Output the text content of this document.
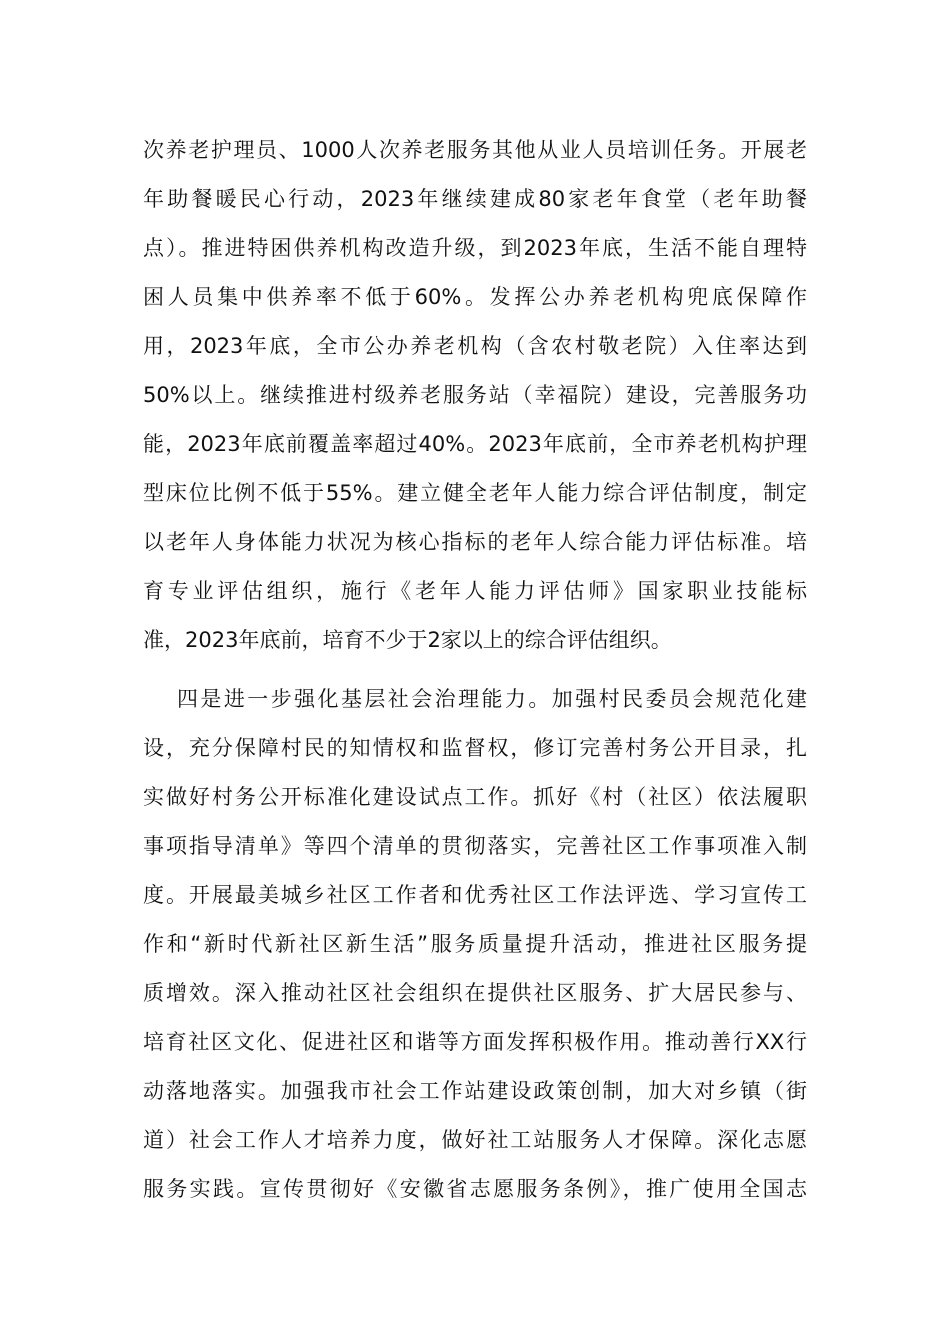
次养老护理员、1000人次养老服务其他从业人员培训任务。开展老
年助餐暖民心行动，2023年继续建成80家老年食堂（老年助餐
点）。推进特困供养机构改造升级，到2023年底，生活不能自理特
困人员集中供养率不低于60%。发挥公办养老机构兜底保障作
用，2023年底，全市公办养老机构（含农村敬老院）入住率达到
50%以上。继续推进村级养老服务站（幸福院）建设，完善服务功
能，2023年底前覆盖率超过40%。2023年底前，全市养老机构护理
型床位比例不低于55%。建立健全老年人能力综合评估制度，制定
以老年人身体能力状况为核心指标的老年人综合能力评估标准。培
育专业评估组织，施行《老年人能力评估师》国家职业技能标
准，2023年底前，培育不少于2家以上的综合评估组织。
四是进一步强化基层社会治理能力。加强村民委员会规范化建
设，充分保障村民的知情权和监督权，修订完善村务公开目录，扎
实做好村务公开标准化建设试点工作。抓好《村（社区）依法履职
事项指导清单》等四个清单的贯彻落实，完善社区工作事项准入制
度。开展最美城乡社区工作者和优秀社区工作法评选、学习宣传工
作和“新时代新社区新生活”服务质量提升活动，推进社区服务提
质增效。深入推动社区社会组织在提供社区服务、扩大居民参与、
培育社区文化、促进社区和谐等方面发挥积极作用。推动善行XX行
动落地落实。加强我市社会工作站建设政策创制，加大对乡镇（街
道）社会工作人才培养力度，做好社工站服务人才保障。深化志愿
服务实践。宣传贯彻好《安徽省志愿服务条例》，推广使用全国志
